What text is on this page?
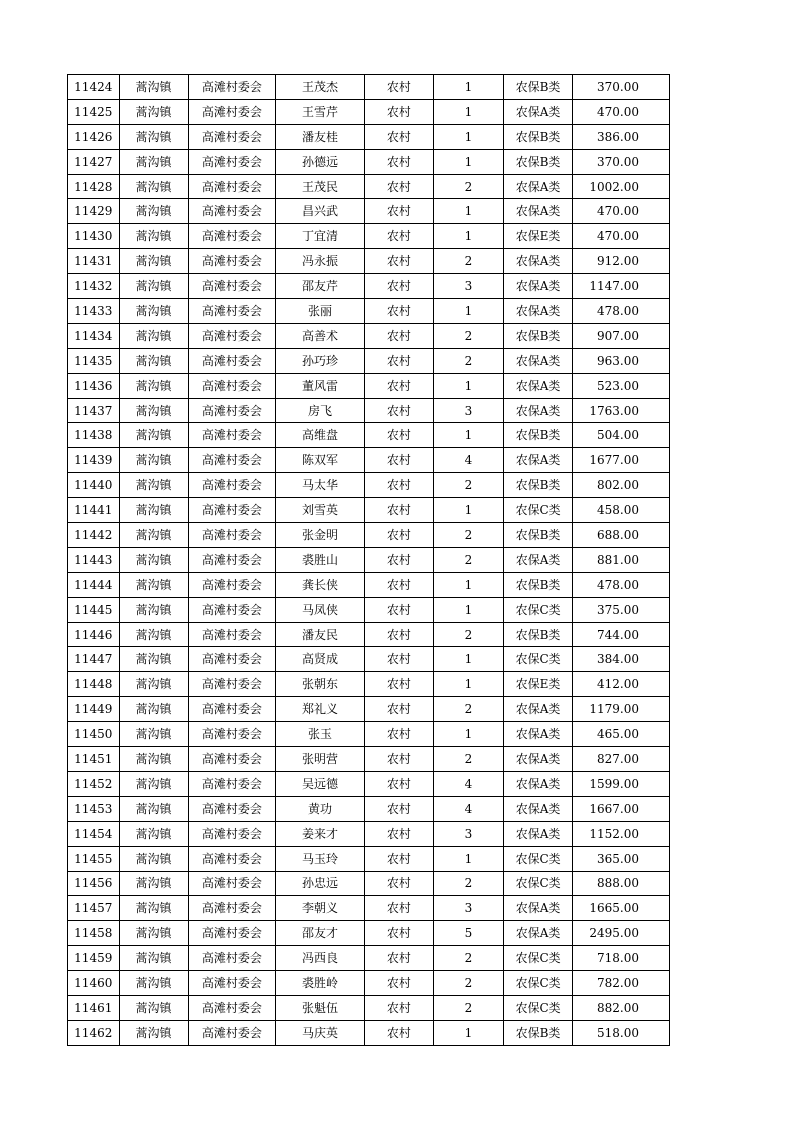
11424	蒿沟镇	高滩村委会	王茂杰	农村	1	农保B类	370.00
11425	蒿沟镇	高滩村委会	王雪芹	农村	1	农保A类	470.00
11426	蒿沟镇	高滩村委会	潘友桂	农村	1	农保B类	386.00
11427	蒿沟镇	高滩村委会	孙德远	农村	1	农保B类	370.00
11428	蒿沟镇	高滩村委会	王茂民	农村	2	农保A类	1002.00
11429	蒿沟镇	高滩村委会	昌兴武	农村	1	农保A类	470.00
11430	蒿沟镇	高滩村委会	丁宜清	农村	1	农保E类	470.00
11431	蒿沟镇	高滩村委会	冯永振	农村	2	农保A类	912.00
11432	蒿沟镇	高滩村委会	邵友芹	农村	3	农保A类	1147.00
11433	蒿沟镇	高滩村委会	张丽	农村	1	农保A类	478.00
11434	蒿沟镇	高滩村委会	高善术	农村	2	农保B类	907.00
11435	蒿沟镇	高滩村委会	孙巧珍	农村	2	农保A类	963.00
11436	蒿沟镇	高滩村委会	董风雷	农村	1	农保A类	523.00
11437	蒿沟镇	高滩村委会	房飞	农村	3	农保A类	1763.00
11438	蒿沟镇	高滩村委会	高维盘	农村	1	农保B类	504.00
11439	蒿沟镇	高滩村委会	陈双军	农村	4	农保A类	1677.00
11440	蒿沟镇	高滩村委会	马太华	农村	2	农保B类	802.00
11441	蒿沟镇	高滩村委会	刘雪英	农村	1	农保C类	458.00
11442	蒿沟镇	高滩村委会	张金明	农村	2	农保B类	688.00
11443	蒿沟镇	高滩村委会	裘胜山	农村	2	农保A类	881.00
11444	蒿沟镇	高滩村委会	龚长侠	农村	1	农保B类	478.00
11445	蒿沟镇	高滩村委会	马凤侠	农村	1	农保C类	375.00
11446	蒿沟镇	高滩村委会	潘友民	农村	2	农保B类	744.00
11447	蒿沟镇	高滩村委会	高贤成	农村	1	农保C类	384.00
11448	蒿沟镇	高滩村委会	张朝东	农村	1	农保E类	412.00
11449	蒿沟镇	高滩村委会	郑礼义	农村	2	农保A类	1179.00
11450	蒿沟镇	高滩村委会	张玉	农村	1	农保A类	465.00
11451	蒿沟镇	高滩村委会	张明营	农村	2	农保A类	827.00
11452	蒿沟镇	高滩村委会	吴远德	农村	4	农保A类	1599.00
11453	蒿沟镇	高滩村委会	黄功	农村	4	农保A类	1667.00
11454	蒿沟镇	高滩村委会	姜来才	农村	3	农保A类	1152.00
11455	蒿沟镇	高滩村委会	马玉玲	农村	1	农保C类	365.00
11456	蒿沟镇	高滩村委会	孙忠远	农村	2	农保C类	888.00
11457	蒿沟镇	高滩村委会	李朝义	农村	3	农保A类	1665.00
11458	蒿沟镇	高滩村委会	邵友才	农村	5	农保A类	2495.00
11459	蒿沟镇	高滩村委会	冯西良	农村	2	农保C类	718.00
11460	蒿沟镇	高滩村委会	裘胜岭	农村	2	农保C类	782.00
11461	蒿沟镇	高滩村委会	张魁伍	农村	2	农保C类	882.00
11462	蒿沟镇	高滩村委会	马庆英	农村	1	农保B类	518.00
